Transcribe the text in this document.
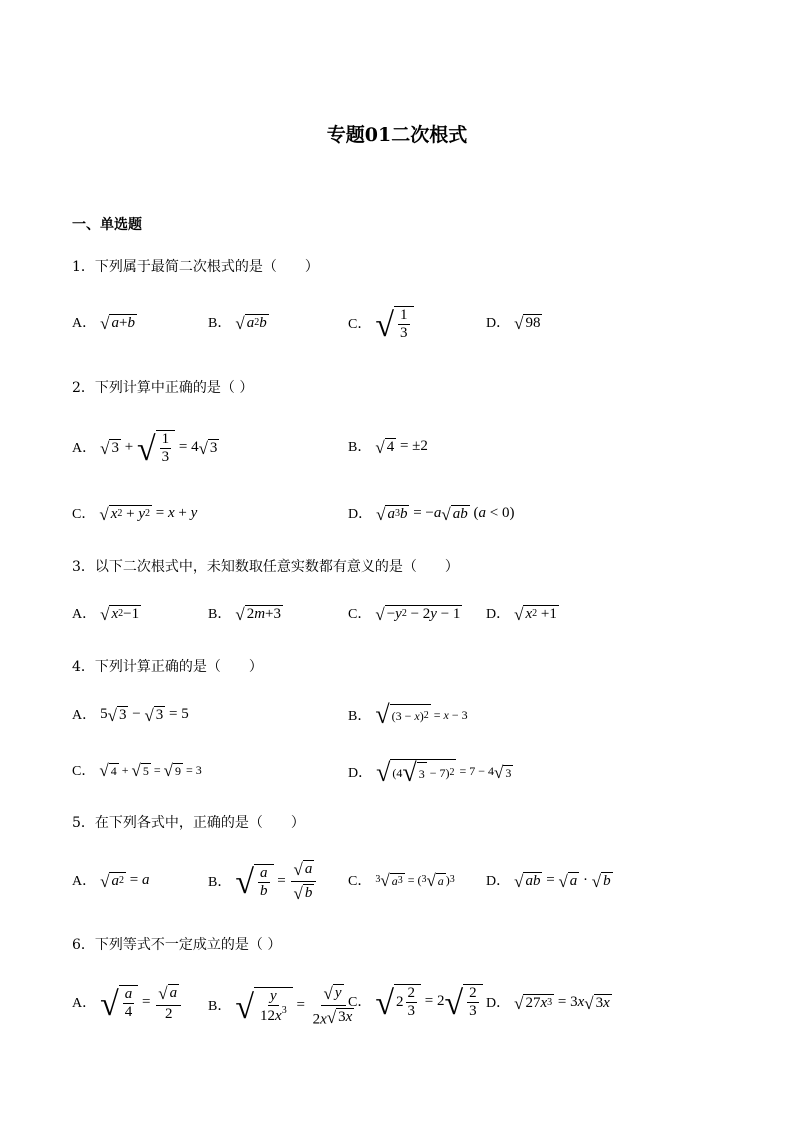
专题01二次根式
一、单选题
1．下列属于最简二次根式的是（　　）
A． √ a + b	B． √ $a^2$ b	C． √ $\frac{1}{3}$	D． √ 98
2．下列计算中正确的是（ ）
A． √ 3 + √ $\frac{1}{3} = 4$ √ 3	B． √ 4 = ±2
C． √ $x^2 + y^2 = x + y$	D． √ $a^3$ b = − a √ ab ( a < 0)
3．以下二次根式中，未知数取任意实数都有意义的是（　　）
A． √ $x^2 -1$	B． √ 2 m +3	C． √ − $y^2 - 2$ y − 1 D． √ $x^2 +1$
4．下列计算正确的是（　　）
A． 5 √ 3 − √ 3 = 5	B． √ (3 − x )$^2$ = x − 3
C． √ 4 + √ 5 = √ 9 = 3	D． √ (4 √ 3 − 7)$^2$ = 7 − 4 √ 3
5．在下列各式中，正确的是（　　）
A． √ $a^2 = a$	B． √ $\frac{a}{b} = \frac{√ a}{√ b}$ C． $^3$ √ $a^3 = (^3$ √ a )$^3$ D． √ ab = √ a · √ b
6．下列等式不一定成立的是（ ）
A． √ $\frac{a}{4} = \frac{√ a}{2}$ B． √ $\frac{y}{12x^3} = \frac{√ y}{2x √ 3 x}$
C． √ $2 \frac{2}{3} = 2$ √ $\frac{2}{3}$ D． √ 27 $x^3 = 3$ x √ 3 x
